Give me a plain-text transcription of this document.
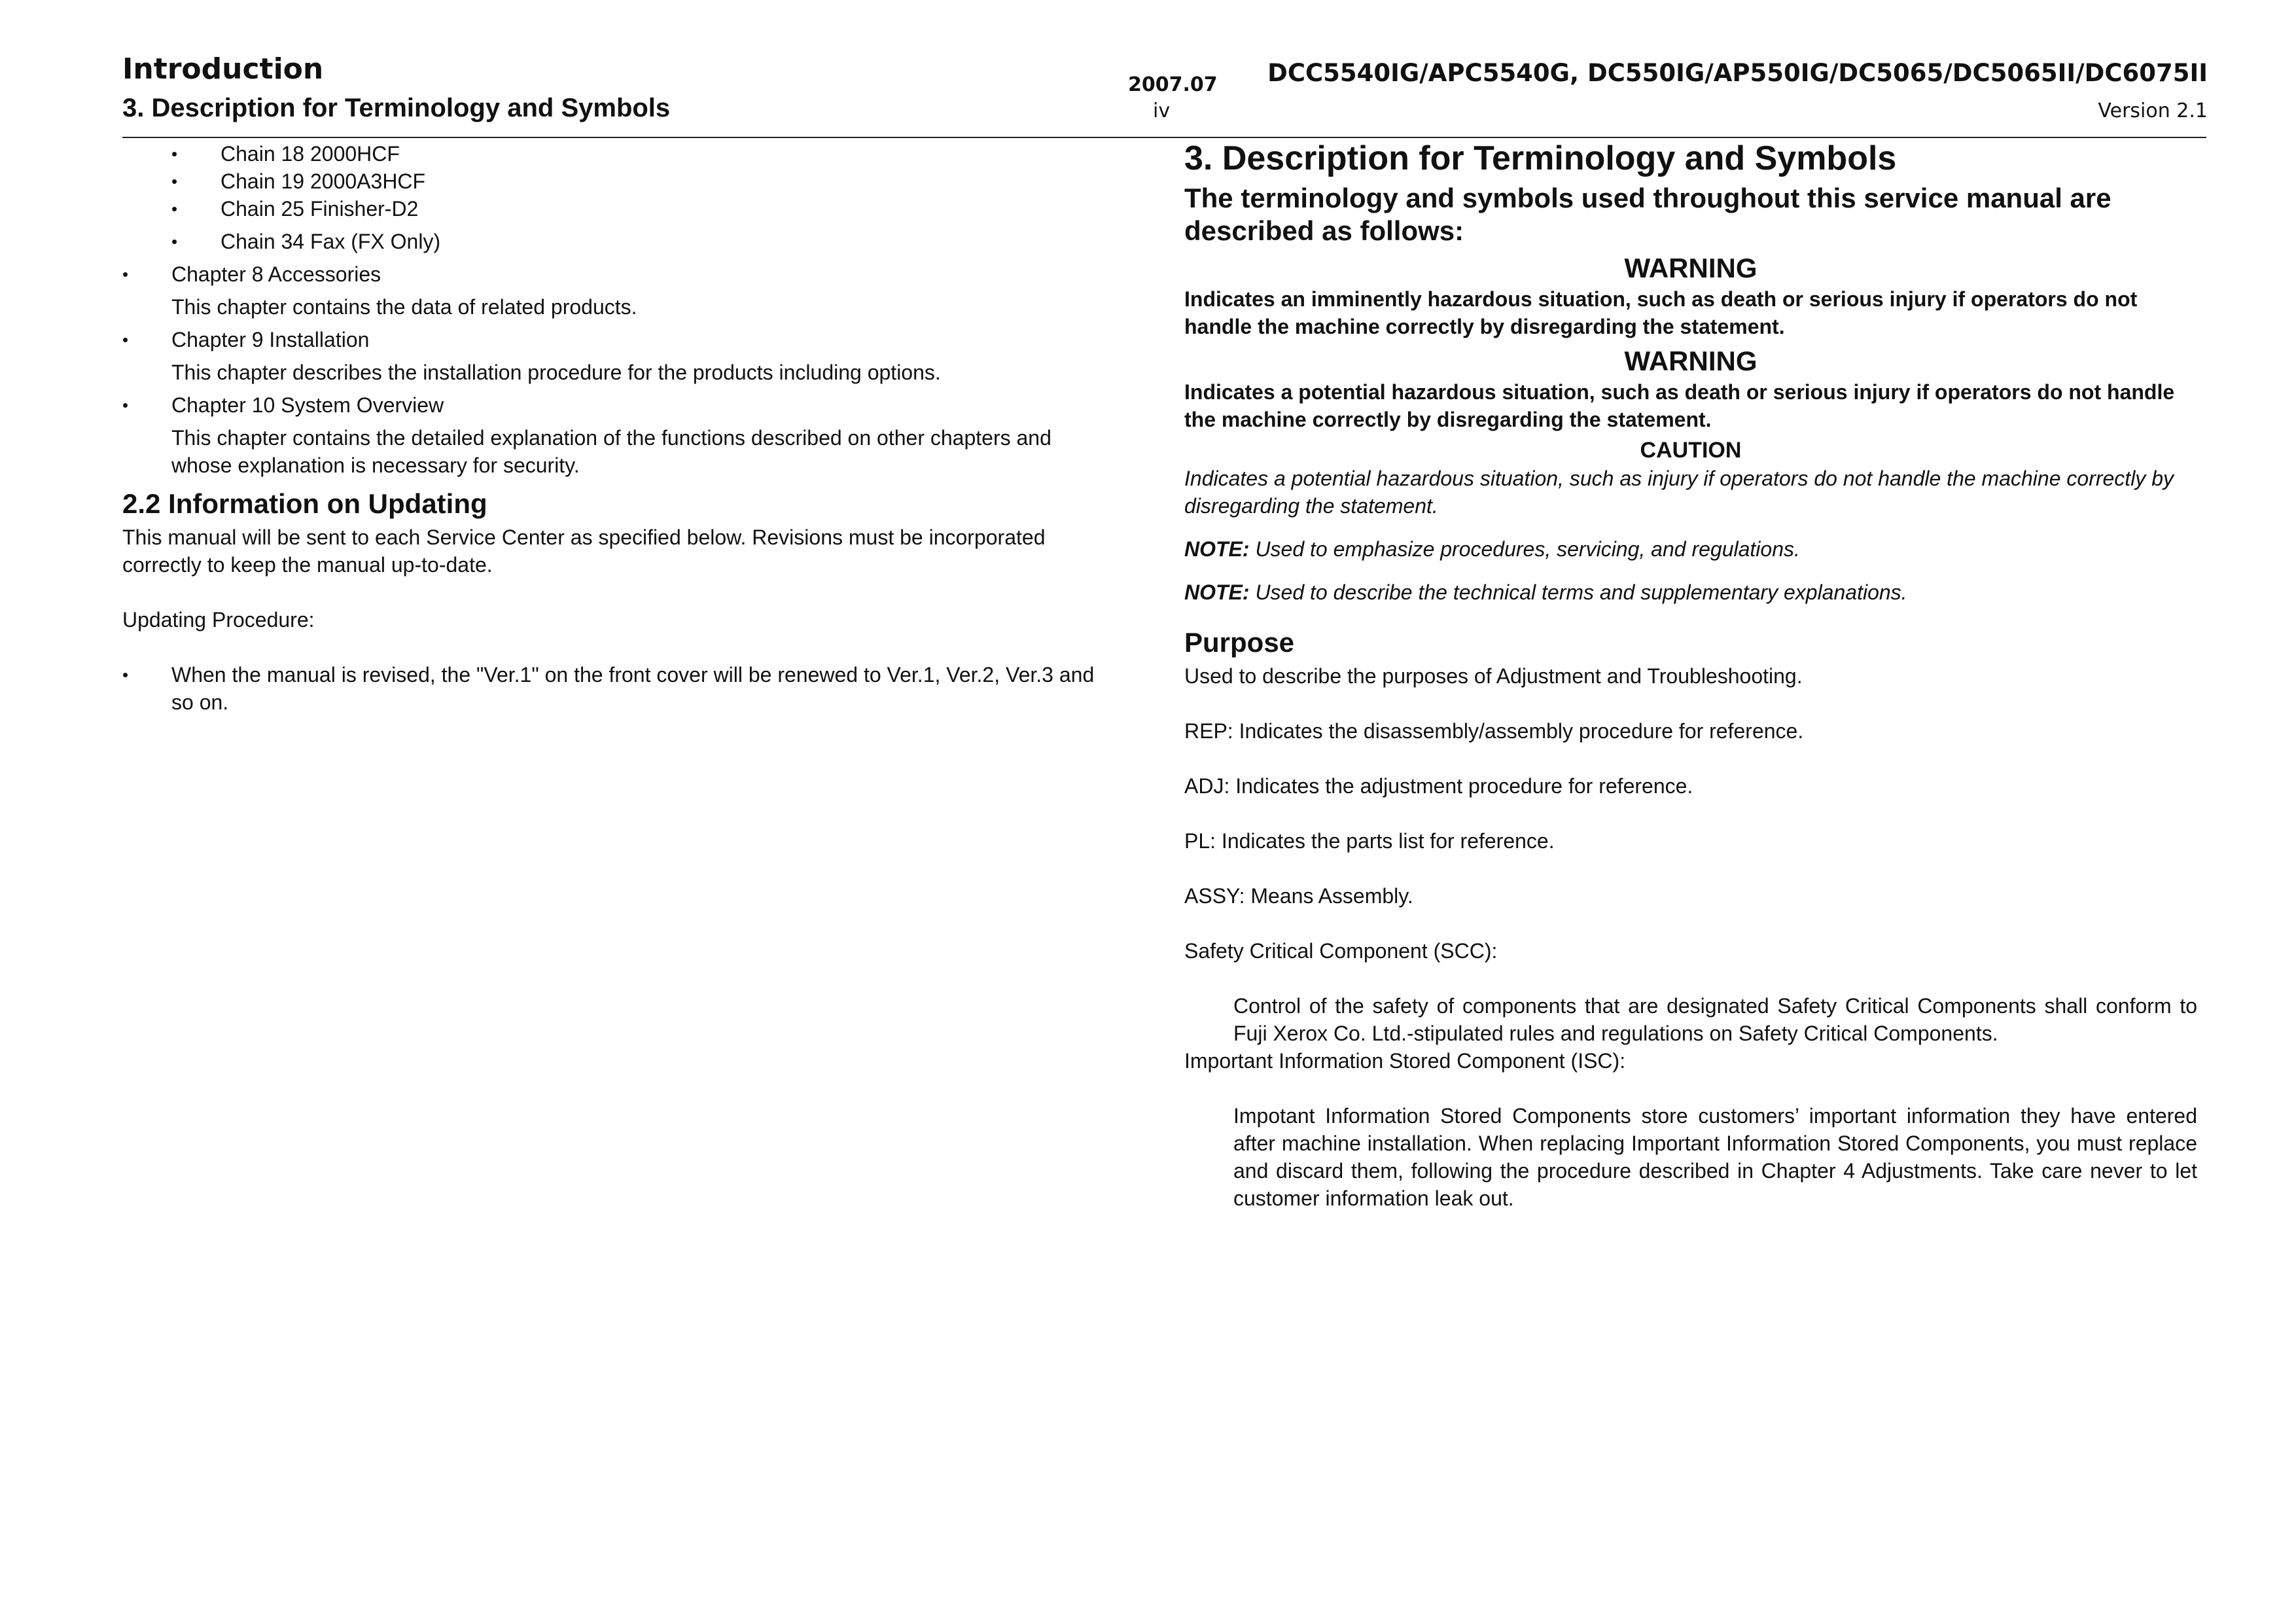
Introduction
3. Description for Terminology and Symbols
2007.07
iv
DCC5540IG/APC5540G, DC550IG/AP550IG/DC5065/DC5065II/DC6075II
Version 2.1
• Chain 18 2000HCF
• Chain 19 2000A3HCF
• Chain 25 Finisher-D2
• Chain 34 Fax (FX Only)
• Chapter 8 Accessories
This chapter contains the data of related products.
• Chapter 9 Installation
This chapter describes the installation procedure for the products including options.
• Chapter 10 System Overview
This chapter contains the detailed explanation of the functions described on other chapters and whose explanation is necessary for security.
2.2 Information on Updating
This manual will be sent to each Service Center as specified below. Revisions must be incorporated correctly to keep the manual up-to-date.
Updating Procedure:
• When the manual is revised, the "Ver.1" on the front cover will be renewed to Ver.1, Ver.2, Ver.3 and so on.
3. Description for Terminology and Symbols
The terminology and symbols used throughout this service manual are described as follows:
WARNING
Indicates an imminently hazardous situation, such as death or serious injury if operators do not handle the machine correctly by disregarding the statement.
WARNING
Indicates a potential hazardous situation, such as death or serious injury if operators do not handle the machine correctly by disregarding the statement.
CAUTION
Indicates a potential hazardous situation, such as injury if operators do not handle the machine correctly by disregarding the statement.
NOTE: Used to emphasize procedures, servicing, and regulations.
NOTE: Used to describe the technical terms and supplementary explanations.
Purpose
Used to describe the purposes of Adjustment and Troubleshooting.
REP: Indicates the disassembly/assembly procedure for reference.
ADJ: Indicates the adjustment procedure for reference.
PL: Indicates the parts list for reference.
ASSY: Means Assembly.
Safety Critical Component (SCC):
Control of the safety of components that are designated Safety Critical Components shall conform to Fuji Xerox Co. Ltd.-stipulated rules and regulations on Safety Critical Components.
Important Information Stored Component (ISC):
Impotant Information Stored Components store customers’ important information they have entered after machine installation. When replacing Important Information Stored Components, you must replace and discard them, following the procedure described in Chapter 4 Adjustments. Take care never to let customer information leak out.
